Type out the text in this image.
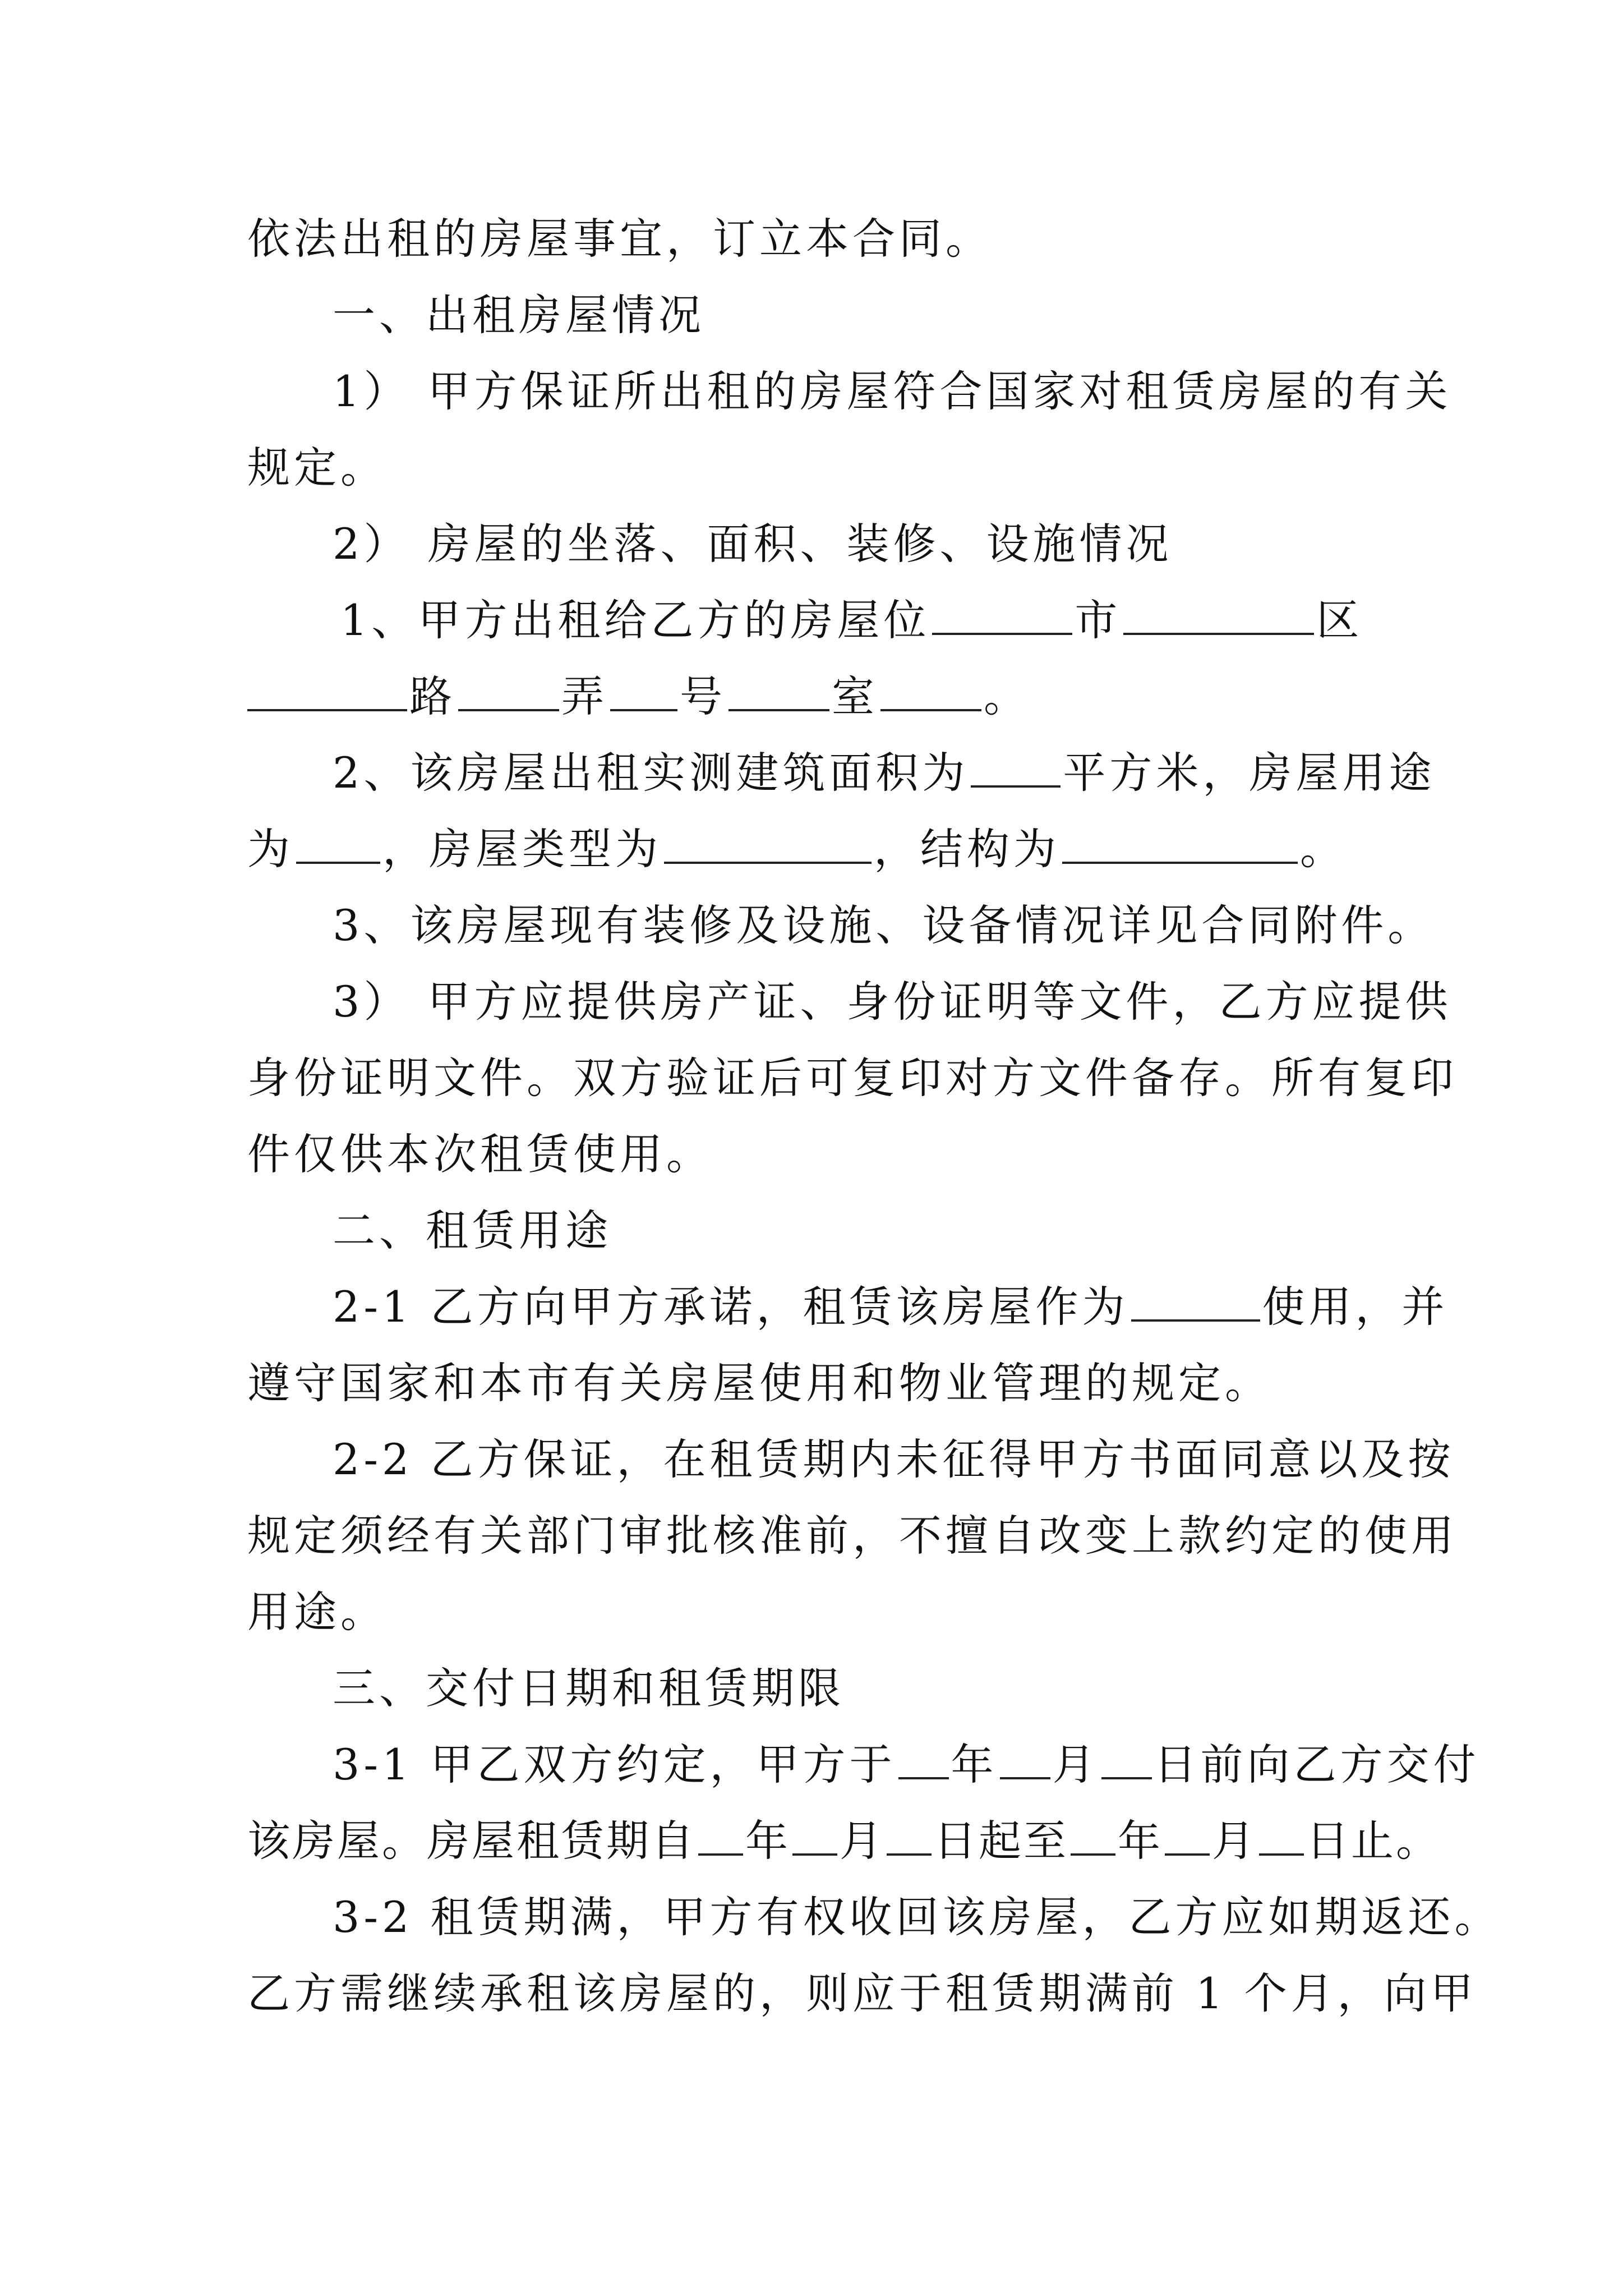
依法出租的房屋事宜，订立本合同。
一、出租房屋情况
1） 甲方保证所出租的房屋符合国家对租赁房屋的有关
规定。
2） 房屋的坐落、面积、装修、设施情况
1、甲方出租给乙方的房屋位	市	区
路 弄 号 室 。
2、该房屋出租实测建筑面积为 平方米，房屋用途
为 ，房屋类型为	，结构为	。
3、该房屋现有装修及设施、设备情况详见合同附件。
3） 甲方应提供房产证、身份证明等文件，乙方应提供
身份证明文件。双方验证后可复印对方文件备存。所有复印
件仅供本次租赁使用。
二、租赁用途
2-1 乙方向甲方承诺，租赁该房屋作为	使用，并
遵守国家和本市有关房屋使用和物业管理的规定。
2-2 乙方保证，在租赁期内未征得甲方书面同意以及按
规定须经有关部门审批核准前，不擅自改变上款约定的使用
用途。
三、交付日期和租赁期限
3-1 甲乙双方约定，甲方于 年 月 日前向乙方交付
该房屋。房屋租赁期自 年 月 日起至 年 月 日止。
3-2 租赁期满，甲方有权收回该房屋，乙方应如期返还。
乙方需继续承租该房屋的，则应于租赁期满前 1 个月，向甲
